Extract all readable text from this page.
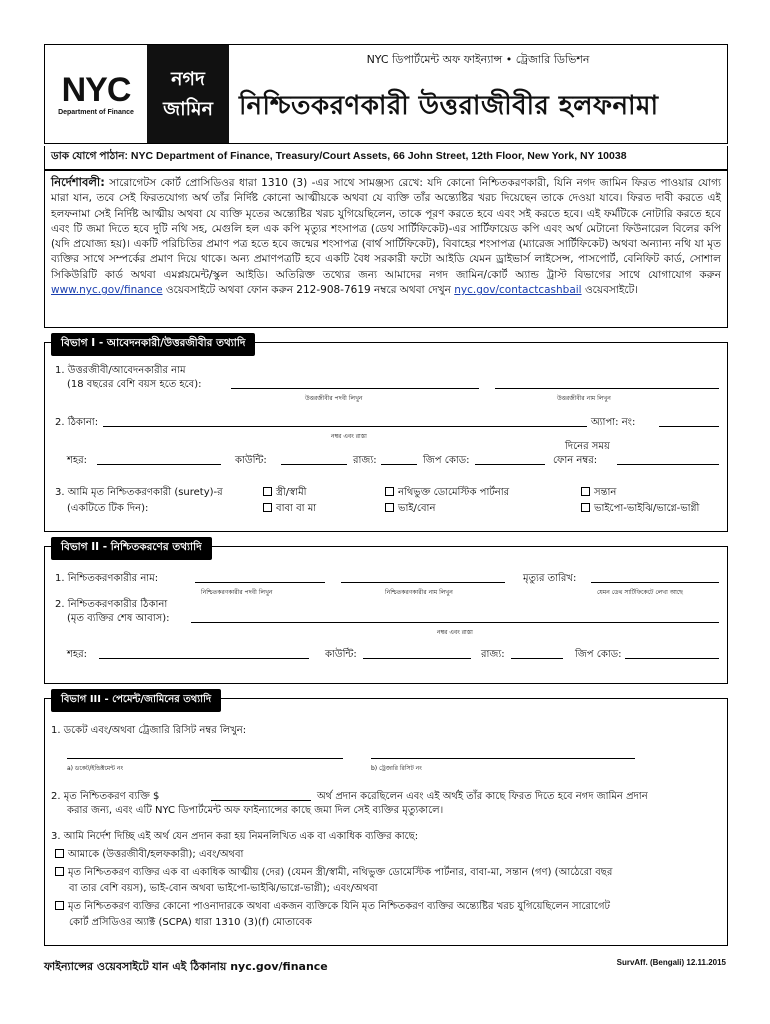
NYC
Department of Finance
নগদ
জামিন
NYC ডিপার্টমেন্ট অফ ফাইন্যান্স • ট্রেজারি ডিভিশন
নিশ্চিতকরণকারী উত্তরাজীবীর হলফনামা
ডাক যোগে পাঠান: NYC Department of Finance, Treasury/Court Assets, 66 John Street, 12th Floor, New York, NY 10038
নির্দেশাবলী: সারোগেটস কোর্ট প্রোসিডিওর ধারা 1310 (3) -এর সাথে সামঞ্জস্য রেখে: যদি কোনো নিশ্চিতকরণকারী, যিনি নগদ জামিন ফিরত পাওয়ার যোগ্য মারা যান, তবে সেই ফিরতযোগ্য অর্থ তাঁর নির্দিষ্ট কোনো আত্মীয়কে অথবা যে ব্যক্তি তাঁর অন্ত্যেষ্টির খরচ দিয়েছেন তাকে দেওয়া যাবে। ফিরত দাবী করতে এই হলফনামা সেই নির্দিষ্ট আত্মীয় অথবা যে ব্যক্তি মৃতের অন্ত্যেষ্টির খরচ যুগিয়েছিলেন, তাকে পূরণ করতে হবে এবং সই করতে হবে। এই ফর্মটিকে নোটারি করতে হবে এবং টি জমা দিতে হবে দুটি নথি সহ, মেগুলি হল এক কপি মৃত্যুর শংসাপত্র (ডেথ সার্টিফিকেট)-এর সার্টিফায়েড কপি এবং অর্থ মেটানো ফিউনারেল বিলের কপি (যদি প্রযোজ্য হয়)। একটি পরিচিতির প্রমাণ পত্র হতে হবে জন্মের শংসাপত্র (বার্থ সার্টিফিকেট), বিবাহের শংসাপত্র (ম্যারেজ সার্টিফিকেট) অথবা অন্যান্য নথি যা মৃত ব্যক্তির সাথে সম্পর্কের প্রমাণ দিয়ে থাকে। অন্য প্রমাণপত্রটি হবে একটি বৈধ সরকারী ফটো আইডি যেমন ড্রাইভার্স লাইসেন্স, পাসপোর্ট, বেনিফিট কার্ড, সোশাল সিকিউরিটি কার্ড অথবা এমপ্লয়মেন্ট/স্কুল আইডি। অতিরিক্ত তথ্যের জন্য আমাদের নগদ জামিন/কোর্ট অ্যান্ড ট্রাস্ট বিভাগের সাথে যোগাযোগ করুন www.nyc.gov/finance ওয়েবসাইটে অথবা ফোন করুন 212-908-7619 নম্বরে অথবা দেখুন nyc.gov/contactcashbail ওয়েবসাইটে।
বিভাগ I - আবেদনকারী/উত্তরজীবীর তথ্যাদি
1. উত্তরজীবী/আবেদনকারীর নাম
(18 বছরের বেশি বয়স হতে হবে):
উত্তরজীবীর পদবী লিখুন	উত্তরজীবীর নাম লিখুন
2. ঠিকানা:	অ্যাপা: নং:
নম্বর এবং রাস্তা
দিনের সময়
শহর:	কাউন্টি:	রাজ্য:	জিপ কোড:	ফোন নম্বর:
3. আমি মৃত নিশ্চিতকরণকারী (surety)-র
(একটিতে টিক দিন):
স্ত্রী/স্বামী
বাবা বা মা
নথিভুক্ত ডোমেস্টিক পার্টনার
ভাই/বোন
সন্তান
ভাইপো-ভাইঝি/ভাগ্নে-ভাগ্নী
বিভাগ II - নিশ্চিতকরণের তথ্যাদি
1. নিশ্চিতকরণকারীর নাম:	মৃত্যুর তারিখ:
নিশ্চিতকরণকারীর পদবী লিখুন	নিশ্চিতকরণকারীর নাম লিখুন	যেমন ডেথ সার্টিফিকেটে লেখা আছে
2. নিশ্চিতকরণকারীর ঠিকানা
(মৃত ব্যক্তির শেষ আবাস):
নম্বর এবং রাস্তা
শহর:	কাউন্টি:	রাজ্য:	জিপ কোড:
বিভাগ III - পেমেন্ট/জামিনের তথ্যাদি
1. ডকেট এবং/অথবা ট্রেজারি রিসিট নম্বর লিখুন:
a) ডকেট/ইন্ডিক্টমেন্ট নং	b) ট্রেজারি রিসিট নং
2. মৃত নিশ্চিতকরণ ব্যক্তি $	অর্থ প্রদান করেছিলেন এবং এই অর্থই তাঁর কাছে ফিরত দিতে হবে নগদ জামিন প্রদান
করার জন্য, এবং এটি NYC ডিপার্টমেন্ট অফ ফাইন্যান্সের কাছে জমা দিল সেই ব্যক্তির মৃত্যুকালে।
3. আমি নির্দেশ দিচ্ছি এই অর্থ যেন প্রদান করা হয় নিমনলিখিত এক বা একাধিক ব্যক্তির কাছে:
আমাকে (উত্তরজীবী/হলফকারী); এবং/অথবা
মৃত নিশ্চিতকরণ ব্যক্তির এক বা একাধিক আত্মীয় (দের) (যেমন স্ত্রী/স্বামী, নথিভুক্ত ডোমেস্টিক পার্টনার, বাবা-মা, সন্তান (গণ) (আঠেরো বছর
বা তার বেশি বয়স), ভাই-বোন অথবা ভাইপো-ভাইঝি/ভাগ্নে-ভাগ্নী); এবং/অথবা
মৃত নিশ্চিতকরণ ব্যক্তির কোনো পাওনাদারকে অথবা একজন ব্যক্তিকে যিনি মৃত নিশ্চিতকরণ ব্যক্তির অন্ত্যেষ্টির খরচ যুগিয়েছিলেন সারোগেট
কোর্ট প্রসিডিওর অ্যাক্ট (SCPA) ধারা 1310 (3)(f) মোতাবেক
ফাইন্যান্সের ওয়েবসাইটে যান এই ঠিকানায় nyc.gov/finance	SurvAff. (Bengali) 12.11.2015
